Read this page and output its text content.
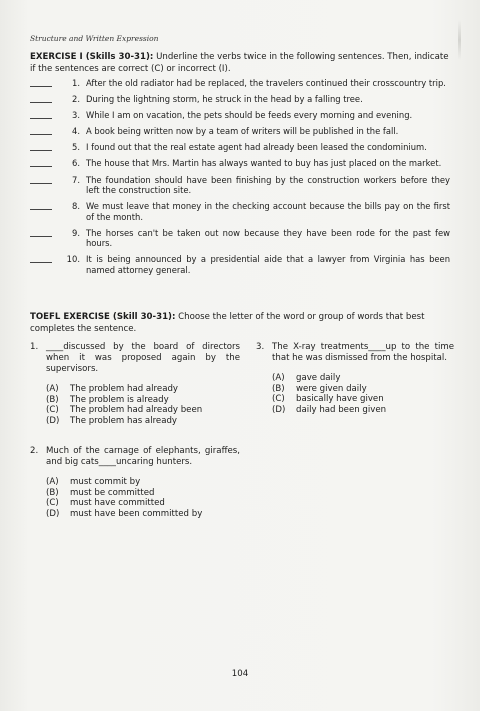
Structure and Written Expression
EXERCISE I (Skills 30-31): Underline the verbs twice in the following sentences. Then, indicate if the sentences are correct (C) or incorrect (I).
1. After the old radiator had be replaced, the travelers continued their crosscountry trip.
2. During the lightning storm, he struck in the head by a falling tree.
3. While I am on vacation, the pets should be feeds every morning and evening.
4. A book being written now by a team of writers will be published in the fall.
5. I found out that the real estate agent had already been leased the condominium.
6. The house that Mrs. Martin has always wanted to buy has just placed on the market.
7. The foundation should have been finishing by the construction workers before they left the construction site.
8. We must leave that money in the checking account because the bills pay on the first of the month.
9. The horses can't be taken out now because they have been rode for the past few hours.
10. It is being announced by a presidential aide that a lawyer from Virginia has been named attorney general.
TOEFL EXERCISE (Skill 30-31): Choose the letter of the word or group of words that best completes the sentence.
1. ____discussed by the board of directors when it was proposed again by the supervisors.
(A)	The problem had already
(B)	The problem is already
(C)	The problem had already been
(D)	The problem has already
2. Much of the carnage of elephants, giraffes, and big cats____uncaring hunters.
(A)	must commit by
(B)	must be committed
(C)	must have committed
(D)	must have been committed by
3. The X-ray treatments____up to the time that he was dismissed from the hospital.
(A)	gave daily
(B)	were given daily
(C)	basically have given
(D)	daily had been given
104
